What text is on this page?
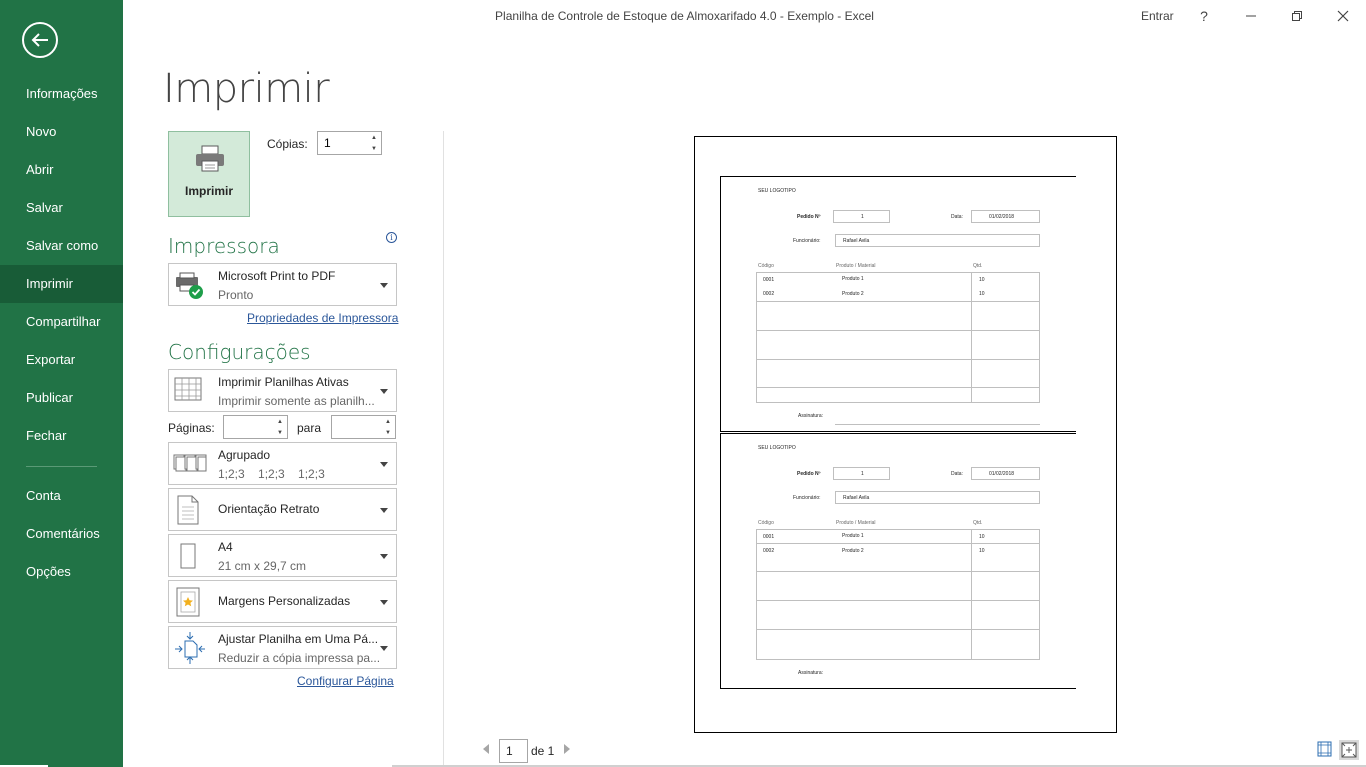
Informações
Novo
Abrir
Salvar
Salvar como
Imprimir
Compartilhar
Exportar
Publicar
Fechar
Conta
Comentários
Opções
Planilha de Controle de Estoque de Almoxarifado 4.0 - Exemplo - Excel	Entrar	?
Imprimir
Imprimir
Cópias:
1	▲
▼
Impressora	i
Microsoft Print to PDF
Pronto
Propriedades de Impressora
Configurações
Imprimir Planilhas Ativas
Imprimir somente as planilh...
Páginas:	▲
▼ para	▲
▼
Agrupado
1;2;3    1;2;3    1;2;3
Orientação Retrato
A4
21 cm x 29,7 cm
Margens Personalizadas
Ajustar Planilha em Uma Pá...
Reduzir a cópia impressa pa...
Configurar Página
SEU LOGOTIPO
Pedido Nº	1	Data:	01/02/2018
Funcionário:	Rafael Avila
Código	Produto / Material	Qtd.
0001	Produto 1	10
0002	Produto 2	10
Assinatura:
SEU LOGOTIPO
Pedido Nº	1	Data:	01/02/2018
Funcionário:	Rafael Avila
Código	Produto / Material	Qtd.
0001	Produto 1	10
0002	Produto 2	10
Assinatura:
1	de 1
